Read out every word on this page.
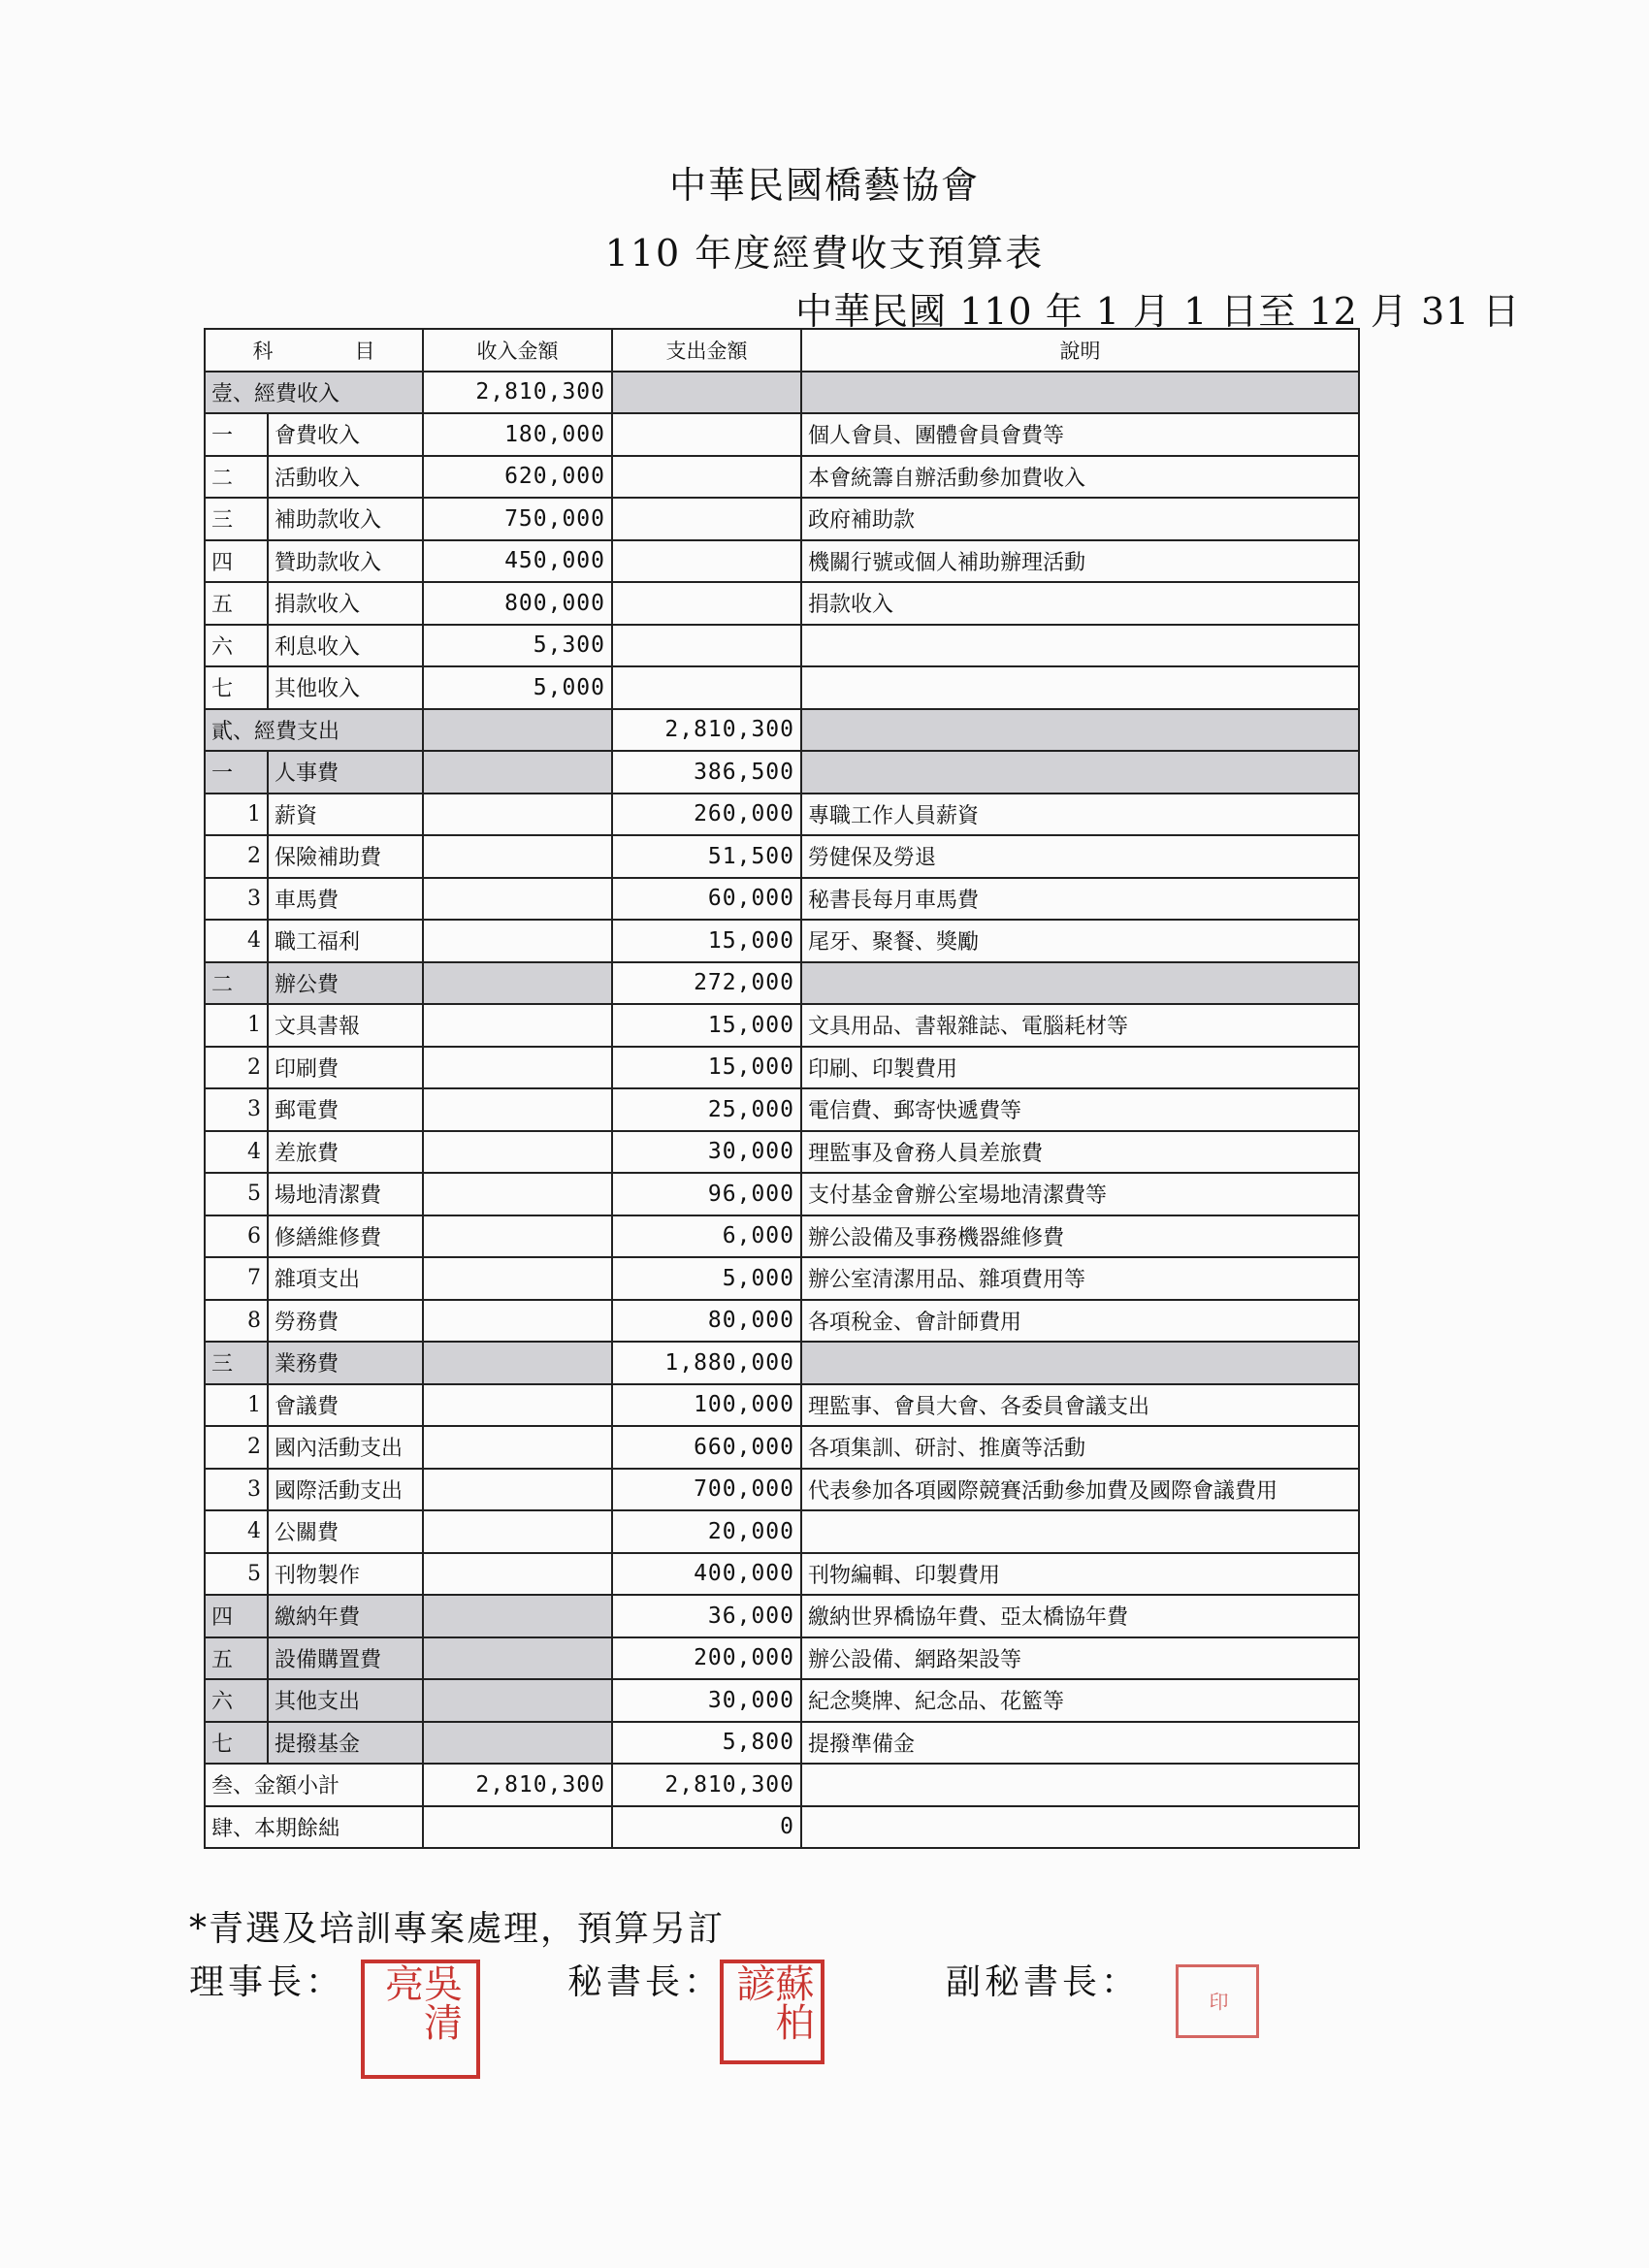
中華民國橋藝協會
110 年度經費收支預算表
中華民國 110 年 1 月 1 日至 12 月 31 日
科　　　　目		收入金額	支出金額	說明
壹、經費收入		2,810,300		
一	會費收入	180,000		個人會員、團體會員會費等
二	活動收入	620,000		本會統籌自辦活動參加費收入
三	補助款收入	750,000		政府補助款
四	贊助款收入	450,000		機關行號或個人補助辦理活動
五	捐款收入	800,000		捐款收入
六	利息收入	5,300		
七	其他收入	5,000		
貳、經費支出			2,810,300	
一	人事費		386,500	
1	薪資		260,000	專職工作人員薪資
2	保險補助費		51,500	勞健保及勞退
3	車馬費		60,000	秘書長每月車馬費
4	職工福利		15,000	尾牙、聚餐、獎勵
二	辦公費		272,000	
1	文具書報		15,000	文具用品、書報雜誌、電腦耗材等
2	印刷費		15,000	印刷、印製費用
3	郵電費		25,000	電信費、郵寄快遞費等
4	差旅費		30,000	理監事及會務人員差旅費
5	場地清潔費		96,000	支付基金會辦公室場地清潔費等
6	修繕維修費		6,000	辦公設備及事務機器維修費
7	雜項支出		5,000	辦公室清潔用品、雜項費用等
8	勞務費		80,000	各項稅金、會計師費用
三	業務費		1,880,000	
1	會議費		100,000	理監事、會員大會、各委員會議支出
2	國內活動支出		660,000	各項集訓、研討、推廣等活動
3	國際活動支出		700,000	代表參加各項國際競賽活動參加費及國際會議費用
4	公關費		20,000	
5	刊物製作		400,000	刊物編輯、印製費用
四	繳納年費		36,000	繳納世界橋協年費、亞太橋協年費
五	設備購置費		200,000	辦公設備、網路架設等
六	其他支出		30,000	紀念獎牌、紀念品、花籃等
七	提撥基金		5,800	提撥準備金
叁、金額小計		2,810,300	2,810,300	
肆、本期餘絀			0	
*青選及培訓專案處理，預算另訂
理事長：	秘書長：	副秘書長：
吳清亮	蘇柏諺	印
